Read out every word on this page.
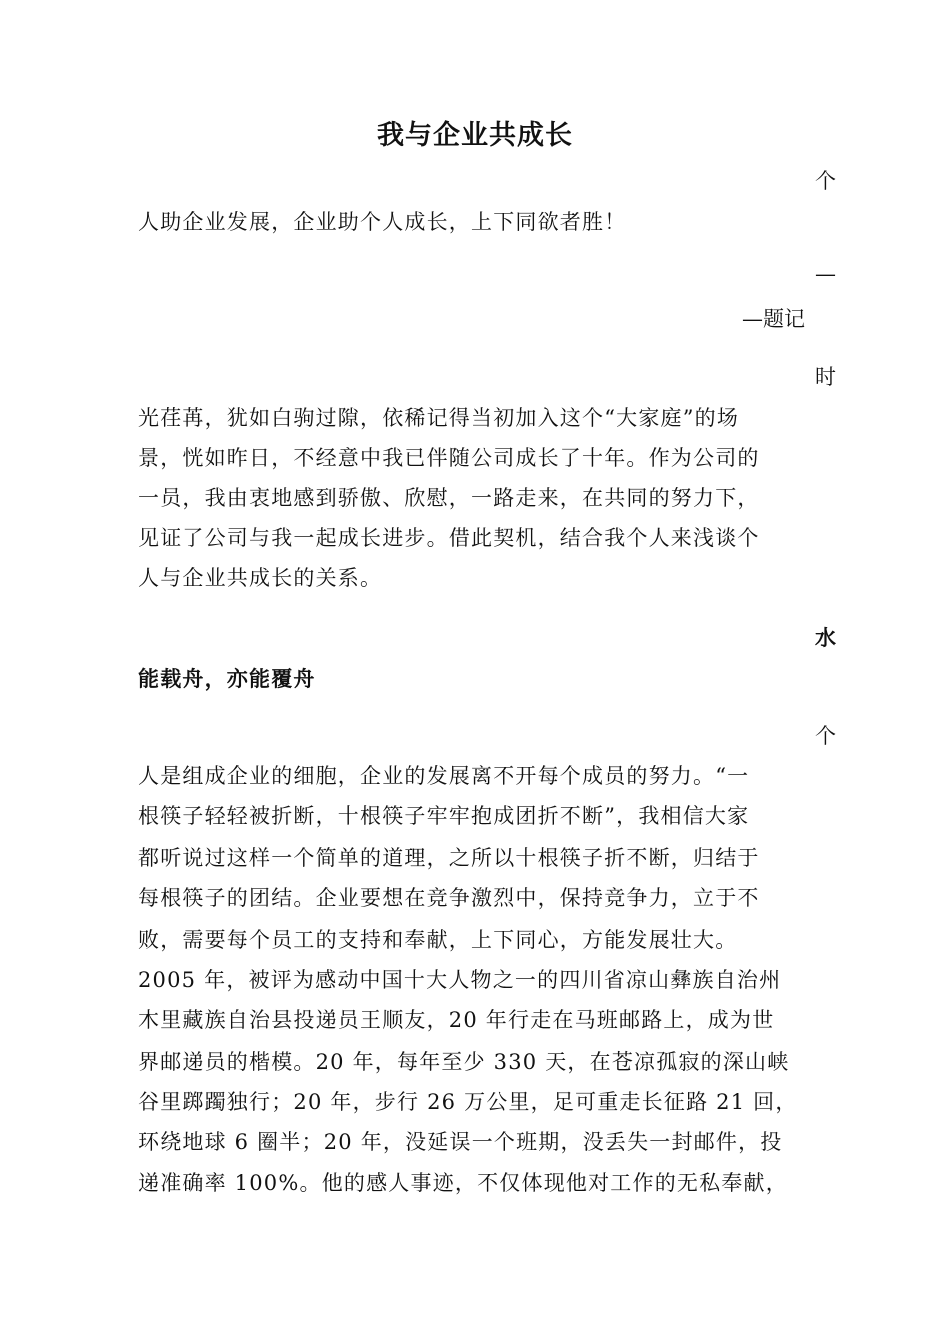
我与企业共成长
个
人助企业发展，企业助个人成长，上下同欲者胜！
—
—题记
时
光荏苒，犹如白驹过隙，依稀记得当初加入这个“大家庭”的场
景，恍如昨日，不经意中我已伴随公司成长了十年。作为公司的
一员，我由衷地感到骄傲、欣慰，一路走来，在共同的努力下，
见证了公司与我一起成长进步。借此契机，结合我个人来浅谈个
人与企业共成长的关系。
水
能载舟，亦能覆舟
个
人是组成企业的细胞，企业的发展离不开每个成员的努力。“一
根筷子轻轻被折断，十根筷子牢牢抱成团折不断”，我相信大家
都听说过这样一个简单的道理，之所以十根筷子折不断，归结于
每根筷子的团结。企业要想在竞争激烈中，保持竞争力，立于不
败，需要每个员工的支持和奉献，上下同心，方能发展壮大。
2005 年，被评为感动中国十大人物之一的四川省凉山彝族自治州
木里藏族自治县投递员王顺友，20 年行走在马班邮路上，成为世
界邮递员的楷模。20 年，每年至少 330 天，在苍凉孤寂的深山峡
谷里踯躅独行；20 年，步行 26 万公里，足可重走长征路 21 回，
环绕地球 6 圈半；20 年，没延误一个班期，没丢失一封邮件，投
递准确率 100%。他的感人事迹，不仅体现他对工作的无私奉献，
